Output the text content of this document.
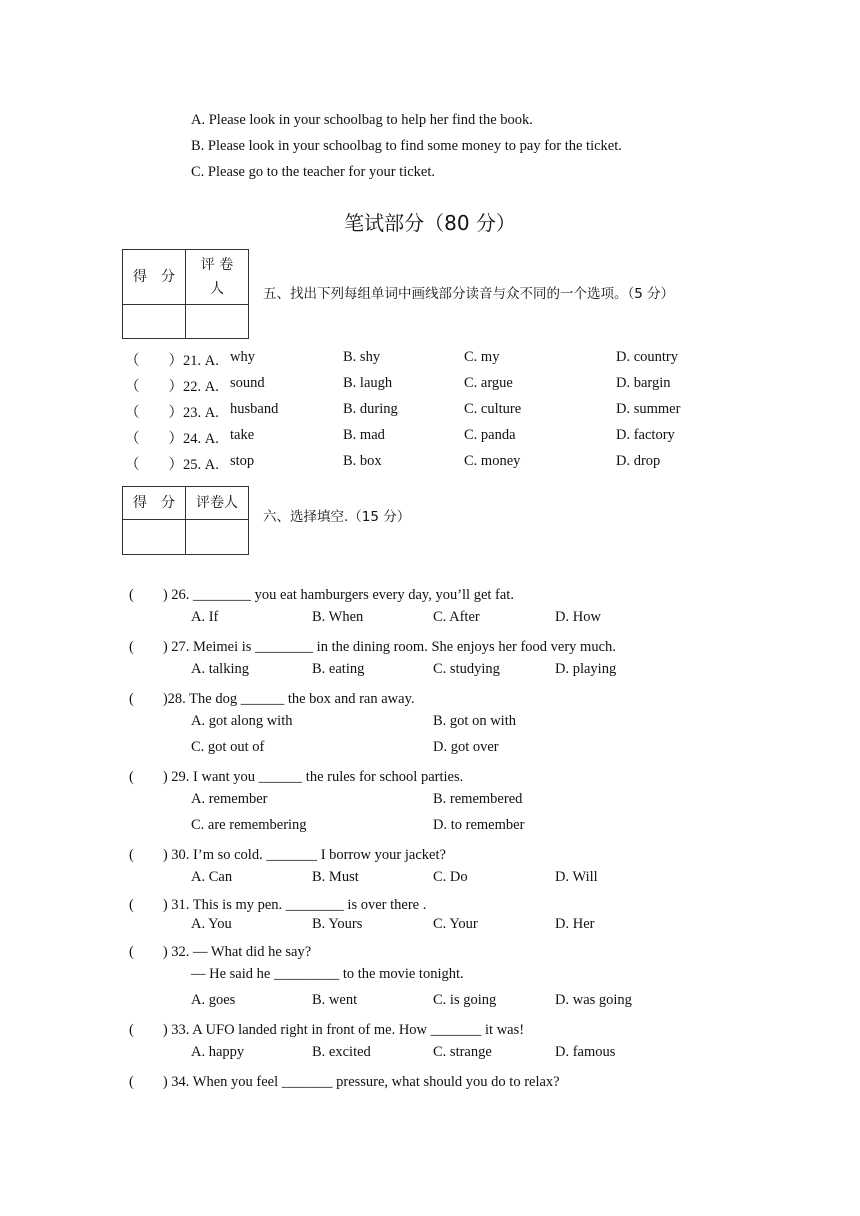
A. Please look in your schoolbag to help her find the book.
B. Please look in your schoolbag to find some money to pay for the ticket.
C. Please go to the teacher for your ticket.
笔试部分（80 分）
得　分	评 卷
人
		五、找出下列每组单词中画线部分读音与众不同的一个选项。（5 分）
（　　）21. A. why	B. shy	C. my	D. country
（　　）22. A. sound	B. laugh	C. argue	D. bargin
（　　）23. A. husband	B. during	C. culture	D. summer
（　　）24. A. take	B. mad	C. panda	D. factory
（　　）25. A. stop	B. box	C. money	D. drop
得　分	评卷人

六、选择填空.（15 分）
(　　) 26. ________ you eat hamburgers every day, you’ll get fat.
A. If	B. When	C. After	D. How
(　　) 27. Meimei is ________ in the dining room. She enjoys her food very much.
A. talking	B. eating	C. studying	D. playing
(　　)28. The dog ______ the box and ran away.
A. got along with	B. got on with
C. got out of	D. got over
(　　) 29. I want you ______ the rules for school parties.
A. remember	B. remembered
C. are remembering	D. to remember
(　　) 30. I’m so cold. _______ I borrow your jacket?
A. Can	B. Must	C. Do	D. Will
(　　) 31. This is my pen. ________ is over there .
A. You	B. Yours	C. Your	D. Her
(　　) 32. — What did he say?
— He said he _________ to the movie tonight.
A. goes	B. went	C. is going	D. was going
(　　) 33. A UFO landed right in front of me. How _______ it was!
A. happy	B. excited	C. strange	D. famous
(　　) 34. When you feel _______ pressure, what should you do to relax?
